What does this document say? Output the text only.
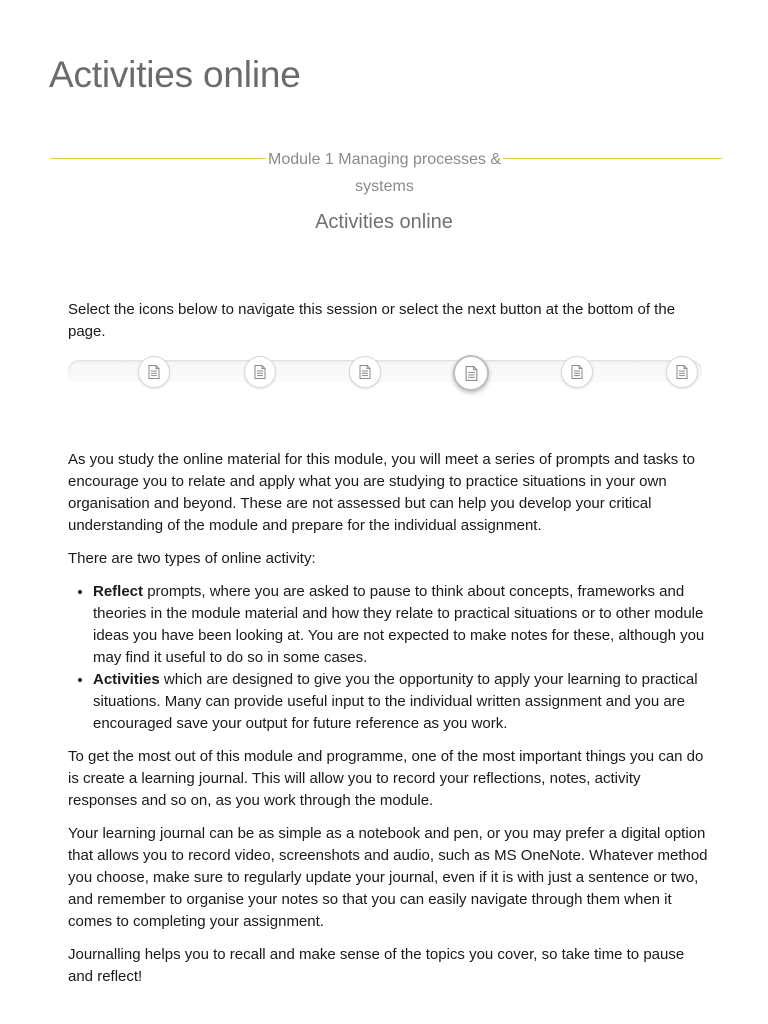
Activities online
Module 1 Managing processes & systems
Activities online

Select the icons below to navigate this session or select the next button at the bottom of the page.

As you study the online material for this module, you will meet a series of prompts and tasks to encourage you to relate and apply what you are studying to practice situations in your own organisation and beyond. These are not assessed but can help you develop your critical understanding of the module and prepare for the individual assignment.

There are two types of online activity:

• Reflect prompts, where you are asked to pause to think about concepts, frameworks and theories in the module material and how they relate to practical situations or to other module ideas you have been looking at. You are not expected to make notes for these, although you may find it useful to do so in some cases.
• Activities which are designed to give you the opportunity to apply your learning to practical situations. Many can provide useful input to the individual written assignment and you are encouraged save your output for future reference as you work.

To get the most out of this module and programme, one of the most important things you can do is create a learning journal. This will allow you to record your reflections, notes, activity responses and so on, as you work through the module.

Your learning journal can be as simple as a notebook and pen, or you may prefer a digital option that allows you to record video, screenshots and audio, such as MS OneNote. Whatever method you choose, make sure to regularly update your journal, even if it is with just a sentence or two, and remember to organise your notes so that you can easily navigate through them when it comes to completing your assignment.

Journalling helps you to recall and make sense of the topics you cover, so take time to pause and reflect!
